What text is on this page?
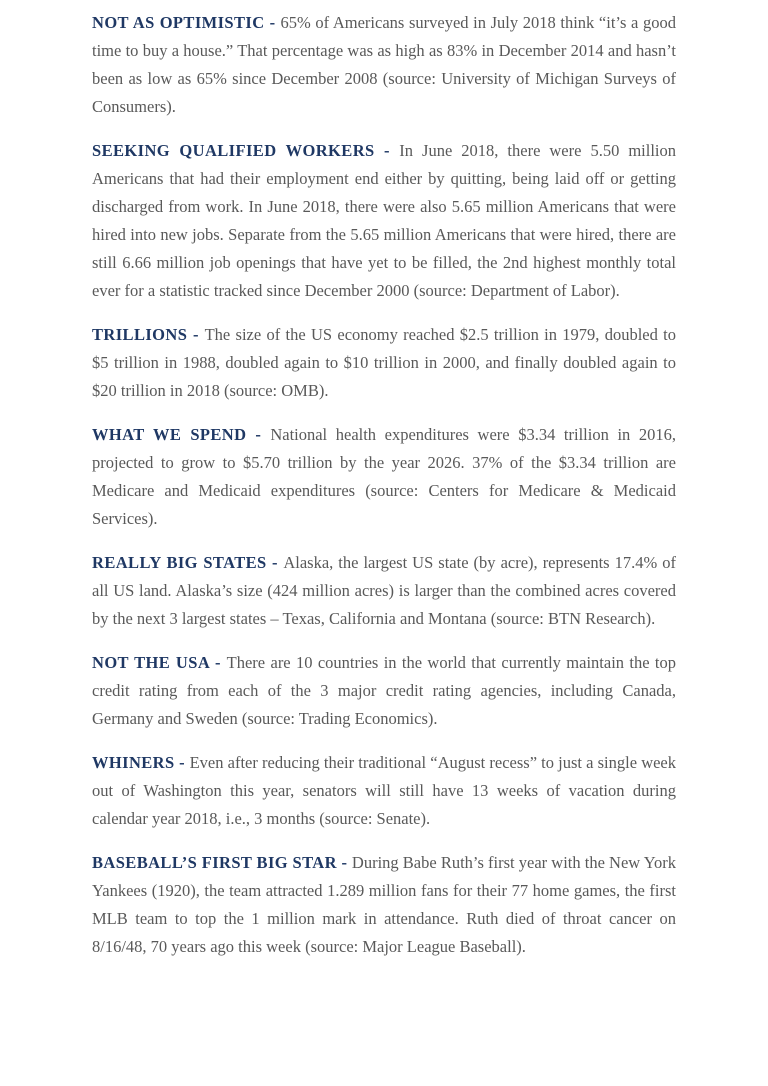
NOT AS OPTIMISTIC - 65% of Americans surveyed in July 2018 think “it’s a good time to buy a house.” That percentage was as high as 83% in December 2014 and hasn’t been as low as 65% since December 2008 (source: University of Michigan Surveys of Consumers).

SEEKING QUALIFIED WORKERS - In June 2018, there were 5.50 million Americans that had their employment end either by quitting, being laid off or getting discharged from work. In June 2018, there were also 5.65 million Americans that were hired into new jobs. Separate from the 5.65 million Americans that were hired, there are still 6.66 million job openings that have yet to be filled, the 2nd highest monthly total ever for a statistic tracked since December 2000 (source: Department of Labor).

TRILLIONS - The size of the US economy reached $2.5 trillion in 1979, doubled to $5 trillion in 1988, doubled again to $10 trillion in 2000, and finally doubled again to $20 trillion in 2018 (source: OMB).

WHAT WE SPEND - National health expenditures were $3.34 trillion in 2016, projected to grow to $5.70 trillion by the year 2026. 37% of the $3.34 trillion are Medicare and Medicaid expenditures (source: Centers for Medicare & Medicaid Services).

REALLY BIG STATES - Alaska, the largest US state (by acre), represents 17.4% of all US land. Alaska’s size (424 million acres) is larger than the combined acres covered by the next 3 largest states – Texas, California and Montana (source: BTN Research).

NOT THE USA - There are 10 countries in the world that currently maintain the top credit rating from each of the 3 major credit rating agencies, including Canada, Germany and Sweden (source: Trading Economics).

WHINERS - Even after reducing their traditional “August recess” to just a single week out of Washington this year, senators will still have 13 weeks of vacation during calendar year 2018, i.e., 3 months (source: Senate).

BASEBALL’S FIRST BIG STAR - During Babe Ruth’s first year with the New York Yankees (1920), the team attracted 1.289 million fans for their 77 home games, the first MLB team to top the 1 million mark in attendance. Ruth died of throat cancer on 8/16/48, 70 years ago this week (source: Major League Baseball).
